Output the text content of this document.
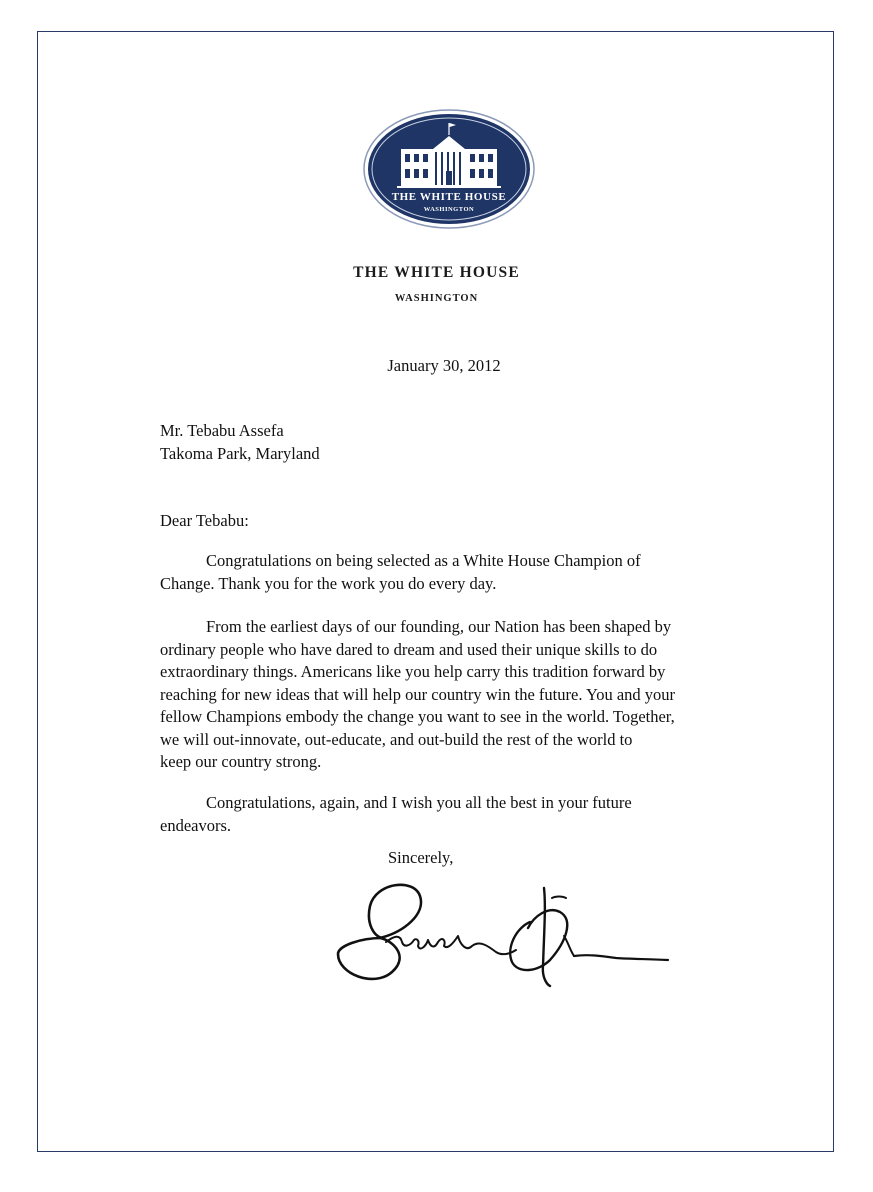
THE WHITE HOUSE
WASHINGTON
THE WHITE HOUSE
WASHINGTON
January 30, 2012
Mr. Tebabu Assefa
Takoma Park, Maryland
Dear Tebabu:
Congratulations on being selected as a White House Champion of
Change. Thank you for the work you do every day.
From the earliest days of our founding, our Nation has been shaped by
ordinary people who have dared to dream and used their unique skills to do
extraordinary things. Americans like you help carry this tradition forward by
reaching for new ideas that will help our country win the future. You and your
fellow Champions embody the change you want to see in the world. Together,
we will out-innovate, out-educate, and out-build the rest of the world to
keep our country strong.
Congratulations, again, and I wish you all the best in your future
endeavors.
Sincerely,
